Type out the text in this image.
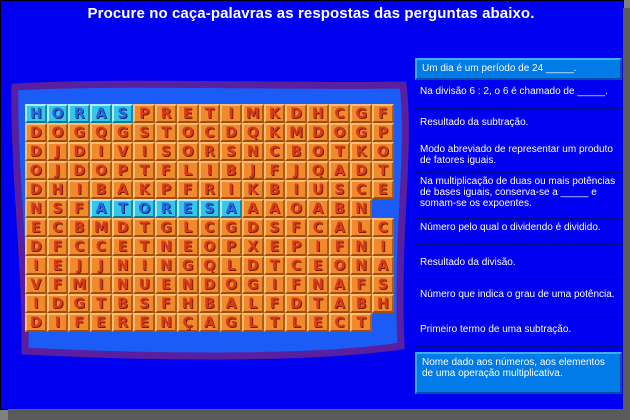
Procure no caça-palavras as respostas das perguntas abaixo.
H O R A S P R E T	I M K D H C G F
D O G Q G S T O C D Q K M D O G P
D J D I V I	S O R S N C B O T K O
O J D O P T F L	I B J	F	J Q A D T
D H I B A K P F R I K B I U S C E
N S F A T O R E S A A A O A B N
E C B M D T G L C G D S F C A L C
D F C C E T N E O P X E P I	F N I
I	E	J	J N I N G Q L D T C E O N A
V F M I N U E N D O G I	F N A F S
I D G T B S F H B A L F D T A B H
D I	F E R E N Ç A G L T L E C T
Um dia é um período de 24 _____.
Na divisão 6 : 2, o 6 é chamado de _____.
Resultado da subtração.
Modo abreviado de representar um produto de fatores iguais.
Na multiplicação de duas ou mais potências de bases iguais, conserva-se a _____ e somam-se os expoentes.
Número pelo qual o dividendo é dividido.
Resultado da divisão.
Número que indica o grau de uma potência.
Primeiro termo de uma subtração.
Nome dado aos números, aos elementos de uma operação multiplicativa.
